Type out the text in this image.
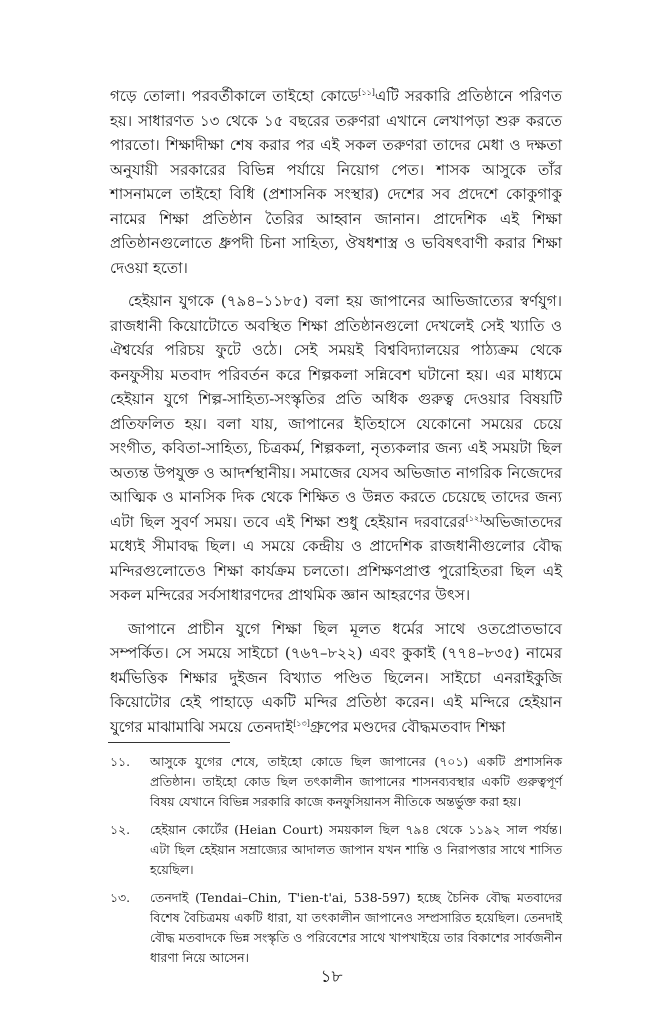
গড়ে তোলা। পরবর্তীকালে তাইহো কোডে[১১]এটি সরকারি প্রতিষ্ঠানে পরিণত হয়। সাধারণত ১৩ থেকে ১৫ বছরের তরুণরা এখানে লেখাপড়া শুরু করতে পারতো। শিক্ষাদীক্ষা শেষ করার পর এই সকল তরুণরা তাদের মেধা ও দক্ষতা অনুযায়ী সরকারের বিভিন্ন পর্যায়ে নিয়োগ পেত। শাসক আসুকে তাঁর শাসনামলে তাইহো বিধি (প্রশাসনিক সংস্থার) দেশের সব প্রদেশে কোকুগাকু নামের শিক্ষা প্রতিষ্ঠান তৈরির আহ্বান জানান। প্রাদেশিক এই শিক্ষা প্রতিষ্ঠানগুলোতে ধ্রুপদী চিনা সাহিত্য, ঔষধশাস্ত্র ও ভবিষৎবাণী করার শিক্ষা দেওয়া হতো।

হেইয়ান যুগকে (৭৯৪–১১৮৫) বলা হয় জাপানের আভিজাত্যের স্বর্ণযুগ। রাজধানী কিয়োটোতে অবস্থিত শিক্ষা প্রতিষ্ঠানগুলো দেখলেই সেই খ্যাতি ও ঐশ্বর্যের পরিচয় ফুটে ওঠে। সেই সময়ই বিশ্ববিদ্যালয়ের পাঠ্যক্রম থেকে কনফুসীয় মতবাদ পরিবর্তন করে শিল্পকলা সন্নিবেশ ঘটানো হয়। এর মাধ্যমে হেইয়ান যুগে শিল্প-সাহিত্য-সংস্কৃতির প্রতি অধিক গুরুত্ব দেওয়ার বিষয়টি প্রতিফলিত হয়। বলা যায়, জাপানের ইতিহাসে যেকোনো সময়ের চেয়ে সংগীত, কবিতা-সাহিত্য, চিত্রকর্ম, শিল্পকলা, নৃত্যকলার জন্য এই সময়টা ছিল অত্যন্ত উপযুক্ত ও আদর্শস্থানীয়। সমাজের যেসব অভিজাত নাগরিক নিজেদের আত্মিক ও মানসিক দিক থেকে শিক্ষিত ও উন্নত করতে চেয়েছে তাদের জন্য এটা ছিল সুবর্ণ সময়। তবে এই শিক্ষা শুধু হেইয়ান দরবারের[১২]অভিজাতদের মধ্যেই সীমাবদ্ধ ছিল। এ সময়ে কেন্দ্রীয় ও প্রাদেশিক রাজধানীগুলোর বৌদ্ধ মন্দিরগুলোতেও শিক্ষা কার্যক্রম চলতো। প্রশিক্ষণপ্রাপ্ত পুরোহিতরা ছিল এই সকল মন্দিরের সর্বসাধারণদের প্রাথমিক জ্ঞান আহরণের উৎস।

জাপানে প্রাচীন যুগে শিক্ষা ছিল মূলত ধর্মের সাথে ওতপ্রোতভাবে সম্পর্কিত। সে সময়ে সাইচো (৭৬৭–৮২২) এবং কুকাই (৭৭৪–৮৩৫) নামের ধর্মভিত্তিক শিক্ষার দুইজন বিখ্যাত পণ্ডিত ছিলেন। সাইচো এনরাইকুজি কিয়োটোর হেই পাহাড়ে একটি মন্দির প্রতিষ্ঠা করেন। এই মন্দিরে হেইয়ান যুগের মাঝামাঝি সময়ে তেনদাই[১৩]গ্রুপের মণ্ডদের বৌদ্ধমতবাদ শিক্ষা

১১.	আসুকে যুগের শেষে, তাইহো কোডে ছিল জাপানের (৭০১) একটি প্রশাসনিক প্রতিষ্ঠান। তাইহো কোড ছিল তৎকালীন জাপানের শাসনব্যবস্থার একটি গুরুত্বপূর্ণ বিষয় যেখানে বিভিন্ন সরকারি কাজে কনফুসিয়ানস নীতিকে অন্তর্ভুক্ত করা হয়।
১২.	হেইয়ান কোর্টের (Heian Court) সময়কাল ছিল ৭৯৪ থেকে ১১৯২ সাল পর্যন্ত। এটা ছিল হেইয়ান সম্রাজ্যের আদালত জাপান যখন শান্তি ও নিরাপত্তার সাথে শাসিত হয়েছিল।
১৩.	তেনদাই (Tendai–Chin, T'ien-t'ai, 538-597) হচ্ছে চৈনিক বৌদ্ধ মতবাদের বিশেষ বৈচিত্রময় একটি ধারা, যা তৎকালীন জাপানেও সম্প্রসারিত হয়েছিল। তেনদাই বৌদ্ধ মতবাদকে ভিন্ন সংস্কৃতি ও পরিবেশের সাথে খাপখাইয়ে তার বিকাশের সার্বজনীন ধারণা নিয়ে আসেন।
১৮
